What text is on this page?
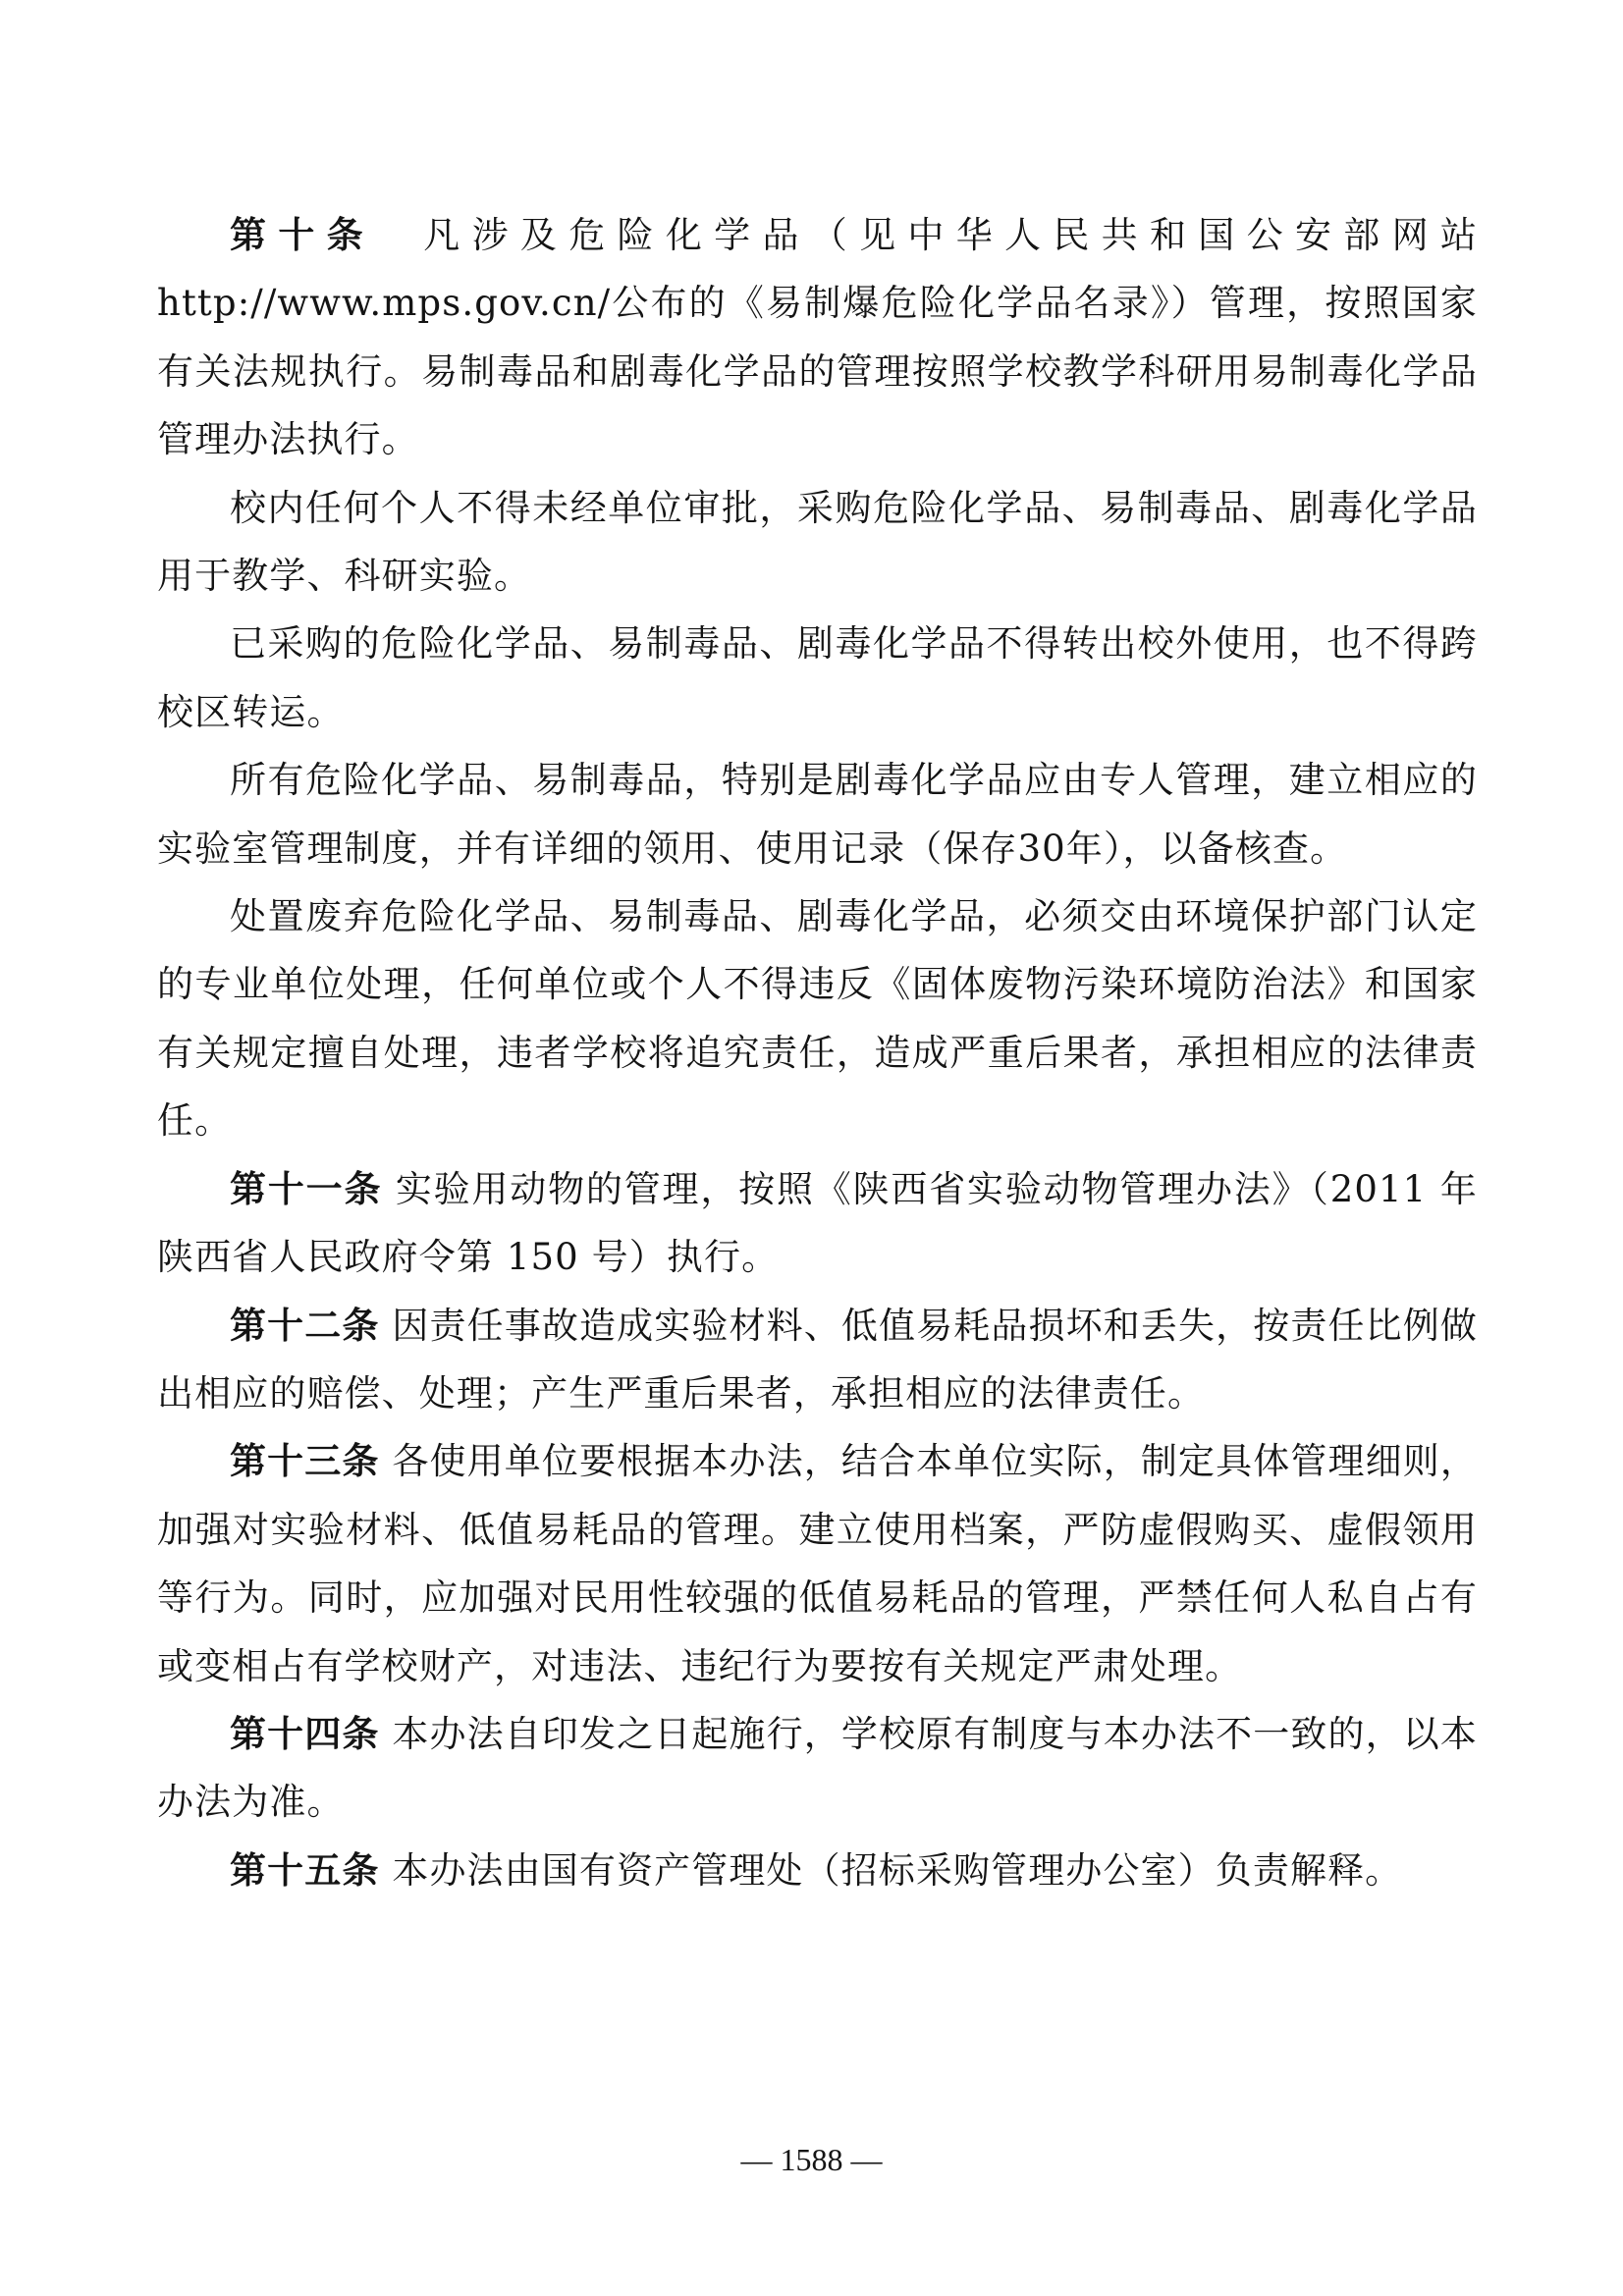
第十条　 凡涉及危险化学品（见中华人民共和国公安部网站 http://www.mps.gov.cn/公布的《易制爆危险化学品名录》）管理，按照国家有关法规执行。易制毒品和剧毒化学品的管理按照学校教学科研用易制毒化学品管理办法执行。

校内任何个人不得未经单位审批，采购危险化学品、易制毒品、剧毒化学品用于教学、科研实验。

已采购的危险化学品、易制毒品、剧毒化学品不得转出校外使用，也不得跨校区转运。

所有危险化学品、易制毒品，特别是剧毒化学品应由专人管理，建立相应的实验室管理制度，并有详细的领用、使用记录（保存30年），以备核查。

处置废弃危险化学品、易制毒品、剧毒化学品，必须交由环境保护部门认定的专业单位处理，任何单位或个人不得违反《固体废物污染环境防治法》和国家有关规定擅自处理，违者学校将追究责任，造成严重后果者，承担相应的法律责任。

第十一条 实验用动物的管理，按照《陕西省实验动物管理办法》（2011 年陕西省人民政府令第 150 号）执行。

第十二条 因责任事故造成实验材料、低值易耗品损坏和丢失，按责任比例做出相应的赔偿、处理；产生严重后果者，承担相应的法律责任。

第十三条 各使用单位要根据本办法，结合本单位实际，制定具体管理细则，加强对实验材料、低值易耗品的管理。建立使用档案，严防虚假购买、虚假领用等行为。同时，应加强对民用性较强的低值易耗品的管理，严禁任何人私自占有或变相占有学校财产，对违法、违纪行为要按有关规定严肃处理。

第十四条 本办法自印发之日起施行，学校原有制度与本办法不一致的，以本办法为准。

第十五条 本办法由国有资产管理处（招标采购管理办公室）负责解释。

— 1588 —
